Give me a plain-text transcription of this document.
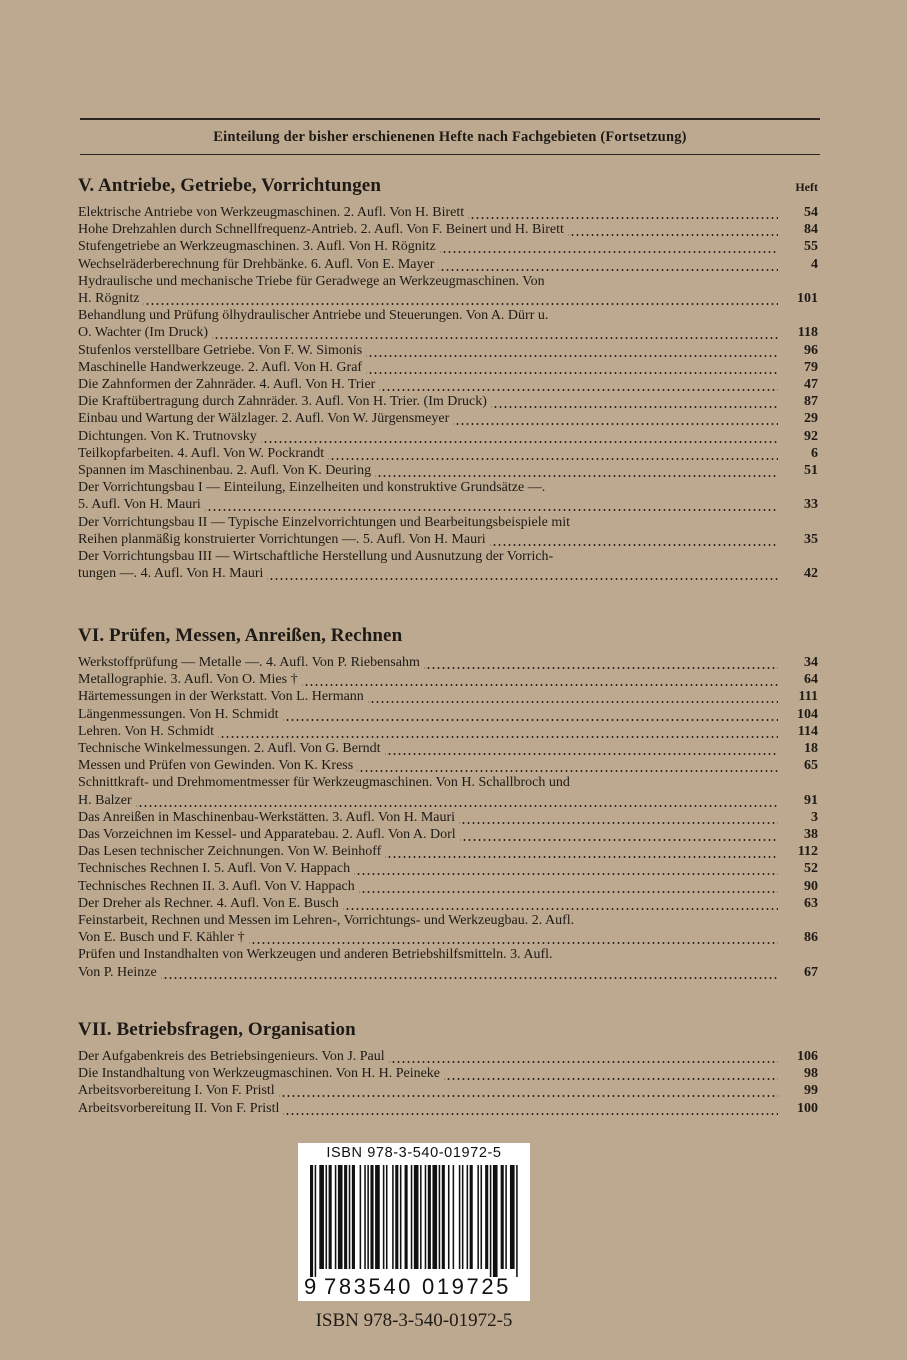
Einteilung der bisher erschienenen Hefte nach Fachgebieten (Fortsetzung)
Heft
V. Antriebe, Getriebe, Vorrichtungen
Elektrische Antriebe von Werkzeugmaschinen. 2. Aufl. Von H. Birett	54
Hohe Drehzahlen durch Schnellfrequenz-Antrieb. 2. Aufl. Von F. Beinert und H. Birett	84
Stufengetriebe an Werkzeugmaschinen. 3. Aufl. Von H. Rögnitz	55
Wechselräderberechnung für Drehbänke. 6. Aufl. Von E. Mayer	4
Hydraulische und mechanische Triebe für Geradwege an Werkzeugmaschinen. Von
H. Rögnitz	101
Behandlung und Prüfung ölhydraulischer Antriebe und Steuerungen. Von A. Dürr u.
O. Wachter (Im Druck)	118
Stufenlos verstellbare Getriebe. Von F. W. Simonis	96
Maschinelle Handwerkzeuge. 2. Aufl. Von H. Graf	79
Die Zahnformen der Zahnräder. 4. Aufl. Von H. Trier	47
Die Kraftübertragung durch Zahnräder. 3. Aufl. Von H. Trier. (Im Druck)	87
Einbau und Wartung der Wälzlager. 2. Aufl. Von W. Jürgensmeyer	29
Dichtungen. Von K. Trutnovsky	92
Teilkopfarbeiten. 4. Aufl. Von W. Pockrandt	6
Spannen im Maschinenbau. 2. Aufl. Von K. Deuring	51
Der Vorrichtungsbau I — Einteilung, Einzelheiten und konstruktive Grundsätze —.
5. Aufl. Von H. Mauri	33
Der Vorrichtungsbau II — Typische Einzelvorrichtungen und Bearbeitungsbeispiele mit
Reihen planmäßig konstruierter Vorrichtungen —. 5. Aufl. Von H. Mauri	35
Der Vorrichtungsbau III — Wirtschaftliche Herstellung und Ausnutzung der Vorrich-
tungen —. 4. Aufl. Von H. Mauri	42
VI. Prüfen, Messen, Anreißen, Rechnen
Werkstoffprüfung — Metalle —. 4. Aufl. Von P. Riebensahm	34
Metallographie. 3. Aufl. Von O. Mies †	64
Härtemessungen in der Werkstatt. Von L. Hermann	111
Längenmessungen. Von H. Schmidt	104
Lehren. Von H. Schmidt	114
Technische Winkelmessungen. 2. Aufl. Von G. Berndt	18
Messen und Prüfen von Gewinden. Von K. Kress	65
Schnittkraft- und Drehmomentmesser für Werkzeugmaschinen. Von H. Schallbroch und
H. Balzer	91
Das Anreißen in Maschinenbau-Werkstätten. 3. Aufl. Von H. Mauri	3
Das Vorzeichnen im Kessel- und Apparatebau. 2. Aufl. Von A. Dorl	38
Das Lesen technischer Zeichnungen. Von W. Beinhoff	112
Technisches Rechnen I. 5. Aufl. Von V. Happach	52
Technisches Rechnen II. 3. Aufl. Von V. Happach	90
Der Dreher als Rechner. 4. Aufl. Von E. Busch	63
Feinstarbeit, Rechnen und Messen im Lehren-, Vorrichtungs- und Werkzeugbau. 2. Aufl.
Von E. Busch und F. Kähler †	86
Prüfen und Instandhalten von Werkzeugen und anderen Betriebshilfsmitteln. 3. Aufl.
Von P. Heinze	67
VII. Betriebsfragen, Organisation
Der Aufgabenkreis des Betriebsingenieurs. Von J. Paul	106
Die Instandhaltung von Werkzeugmaschinen. Von H. H. Peineke	98
Arbeitsvorbereitung I. Von F. Pristl	99
Arbeitsvorbereitung II. Von F. Pristl	100
ISBN 978-3-540-01972-5
9 783540 019725
ISBN 978-3-540-01972-5
